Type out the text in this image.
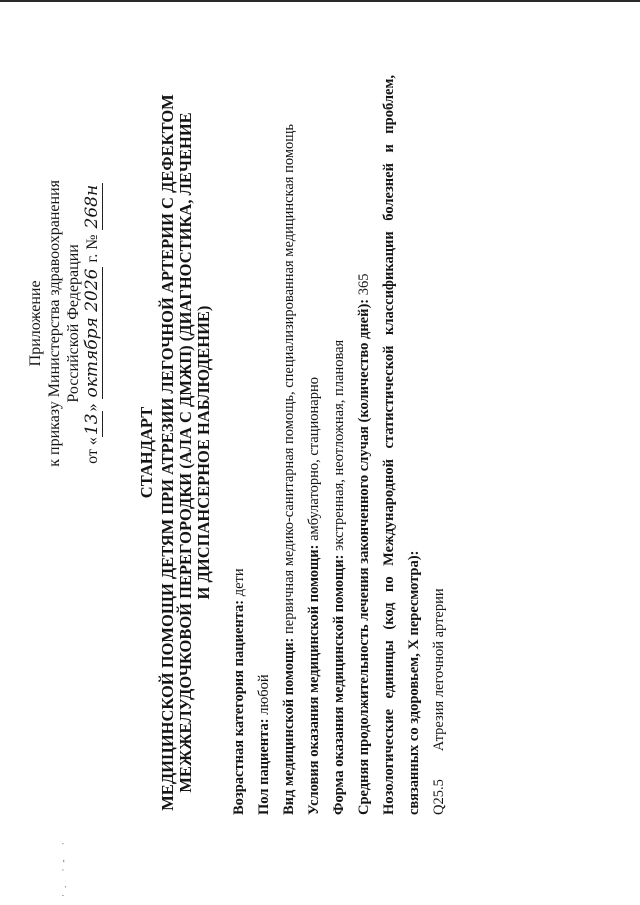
·. ·‐ ·
Приложение к приказу Министерства здравоохранения Российской Федерации
от «13» октября 2026 г. № 268н
СТАНДАРТ МЕДИЦИНСКОЙ ПОМОЩИ ДЕТЯМ ПРИ АТРЕЗИИ ЛЕГОЧНОЙ АРТЕРИИ С ДЕФЕКТОМ МЕЖЖЕЛУДОЧКОВОЙ ПЕРЕГОРОДКИ (АЛА С ДМЖП) (ДИАГНОСТИКА, ЛЕЧЕНИЕ И ДИСПАНСЕРНОЕ НАБЛЮДЕНИЕ)
Возрастная категория пациента: дети
Пол пациента: любой Вид медицинской помощи: первичная медико-санитарная помощь, специализированная медицинская помощь
Условия оказания медицинской помощи: амбулаторно, стационарно
Форма оказания медицинской помощи: экстренная, неотложная, плановая Средняя продолжительность лечения законченного случая (количество дней): 365
Нозологические
единицы
(код
по
Международной
статистической
классификации
болезней
и
проблем,
связанных со здоровьем, X пересмотра): Q25.5
Атрезия легочной артерии
